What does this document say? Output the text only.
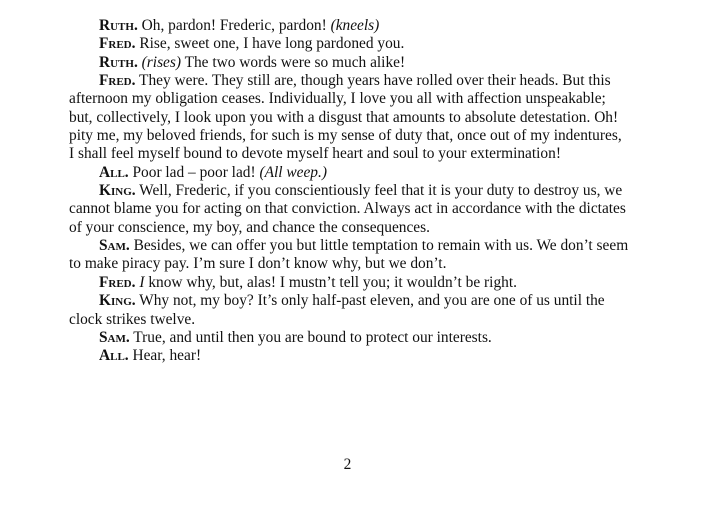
Ruth. Oh, pardon! Frederic, pardon! (kneels)

Fred. Rise, sweet one, I have long pardoned you.

Ruth. (rises) The two words were so much alike!

Fred. They were. They still are, though years have rolled over their heads. But this afternoon my obligation ceases. Individually, I love you all with affection unspeakable; but, collectively, I look upon you with a disgust that amounts to absolute detestation. Oh! pity me, my beloved friends, for such is my sense of duty that, once out of my indentures, I shall feel myself bound to devote myself heart and soul to your extermination!

All. Poor lad – poor lad! (All weep.)

King. Well, Frederic, if you conscientiously feel that it is your duty to destroy us, we cannot blame you for acting on that conviction. Always act in accordance with the dictates of your conscience, my boy, and chance the consequences.

Sam. Besides, we can offer you but little temptation to remain with us. We don’t seem to make piracy pay. I’m sure I don’t know why, but we don’t.

Fred. I know why, but, alas! I mustn’t tell you; it wouldn’t be right.

King. Why not, my boy? It’s only half-past eleven, and you are one of us until the clock strikes twelve.

Sam. True, and until then you are bound to protect our interests.

All. Hear, hear!

2
